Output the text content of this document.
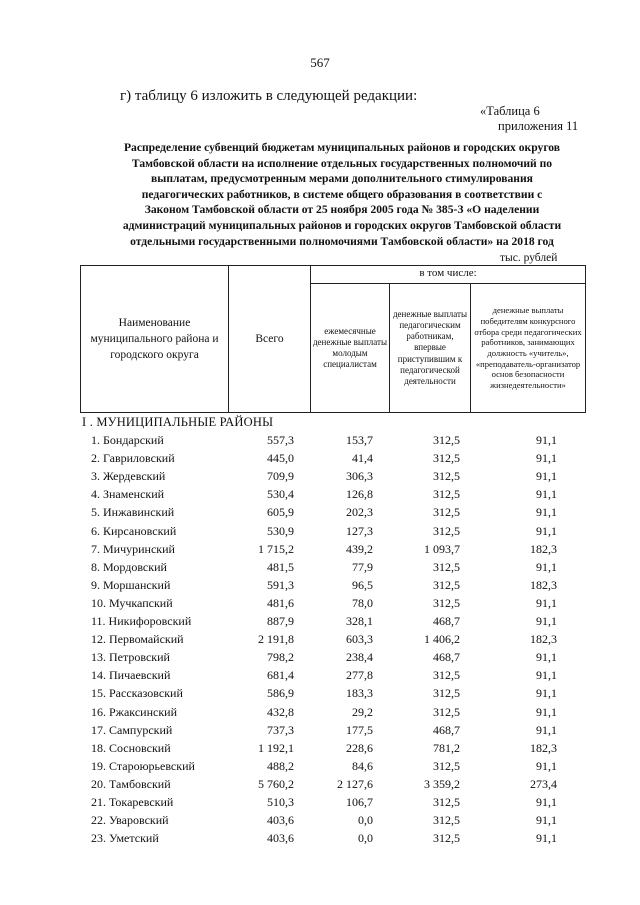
567
г) таблицу 6 изложить в следующей редакции:
«Таблица 6
приложения 11
Распределение субвенций бюджетам муниципальных районов и городских округов
Тамбовской области на исполнение отдельных государственных полномочий по
выплатам, предусмотренным мерами дополнительного стимулирования
педагогических работников, в системе общего образования в соответствии с
Законом Тамбовской области от 25 ноября 2005 года № 385-З «О наделении
администраций муниципальных районов и городских округов Тамбовской области
отдельными государственными полномочиями Тамбовской области» на 2018 год
тыс. рублей
Наименование муниципального района и городского округа
Всего
в том числе:
ежемесячные денежные выплаты молодым специалистам
денежные выплаты педагогическим работникам, впервые приступившим к педагогической деятельности
денежные выплаты победителям конкурсного отбора среди педагогических работников, занимающих должность «учитель», «преподаватель-организатор основ безопасности жизнедеятельности»
I . МУНИЦИПАЛЬНЫЕ РАЙОНЫ
1. Бондарский	557,3	153,7	312,5	91,1
2. Гавриловский	445,0	41,4	312,5	91,1
3. Жердевский	709,9	306,3	312,5	91,1
4. Знаменский	530,4	126,8	312,5	91,1
5. Инжавинский	605,9	202,3	312,5	91,1
6. Кирсановский	530,9	127,3	312,5	91,1
7. Мичуринский	1 715,2	439,2	1 093,7	182,3
8. Мордовский	481,5	77,9	312,5	91,1
9. Моршанский	591,3	96,5	312,5	182,3
10. Мучкапский	481,6	78,0	312,5	91,1
11. Никифоровский	887,9	328,1	468,7	91,1
12. Первомайский	2 191,8	603,3	1 406,2	182,3
13. Петровский	798,2	238,4	468,7	91,1
14. Пичаевский	681,4	277,8	312,5	91,1
15. Рассказовский	586,9	183,3	312,5	91,1
16. Ржаксинский	432,8	29,2	312,5	91,1
17. Сампурский	737,3	177,5	468,7	91,1
18. Сосновский	1 192,1	228,6	781,2	182,3
19. Староюрьевский	488,2	84,6	312,5	91,1
20. Тамбовский	5 760,2	2 127,6	3 359,2	273,4
21. Токаревский	510,3	106,7	312,5	91,1
22. Уваровский	403,6	0,0	312,5	91,1
23. Уметский	403,6	0,0	312,5	91,1
